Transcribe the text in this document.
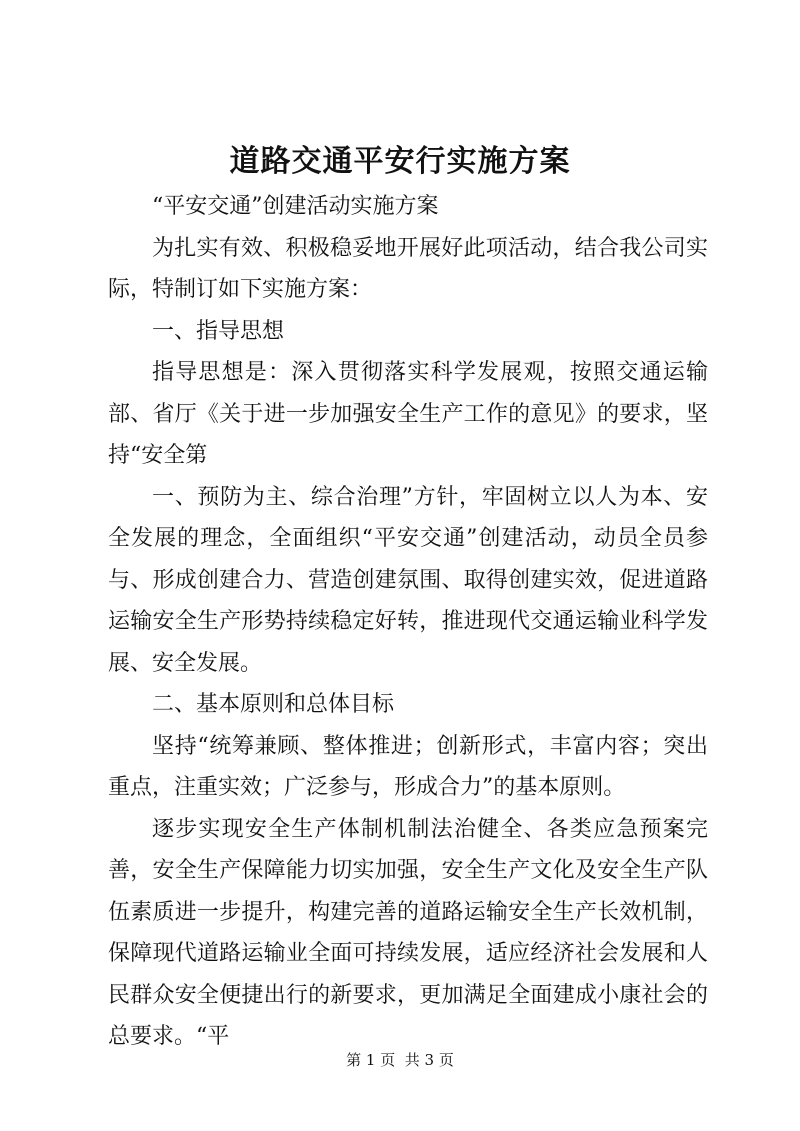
道路交通平安行实施方案

“平安交通”创建活动实施方案

为扎实有效、积极稳妥地开展好此项活动，结合我公司实际，特制订如下实施方案：

一、指导思想

指导思想是：深入贯彻落实科学发展观，按照交通运输部、省厅《关于进一步加强安全生产工作的意见》的要求，坚持“安全第

一、预防为主、综合治理”方针，牢固树立以人为本、安全发展的理念，全面组织“平安交通”创建活动，动员全员参与、形成创建合力、营造创建氛围、取得创建实效，促进道路运输安全生产形势持续稳定好转，推进现代交通运输业科学发展、安全发展。

二、基本原则和总体目标

坚持“统筹兼顾、整体推进；创新形式，丰富内容；突出重点，注重实效；广泛参与，形成合力”的基本原则。

逐步实现安全生产体制机制法治健全、各类应急预案完善，安全生产保障能力切实加强，安全生产文化及安全生产队伍素质进一步提升，构建完善的道路运输安全生产长效机制，保障现代道路运输业全面可持续发展，适应经济社会发展和人民群众安全便捷出行的新要求，更加满足全面建成小康社会的总要求。“平

第 1 页  共 3 页
